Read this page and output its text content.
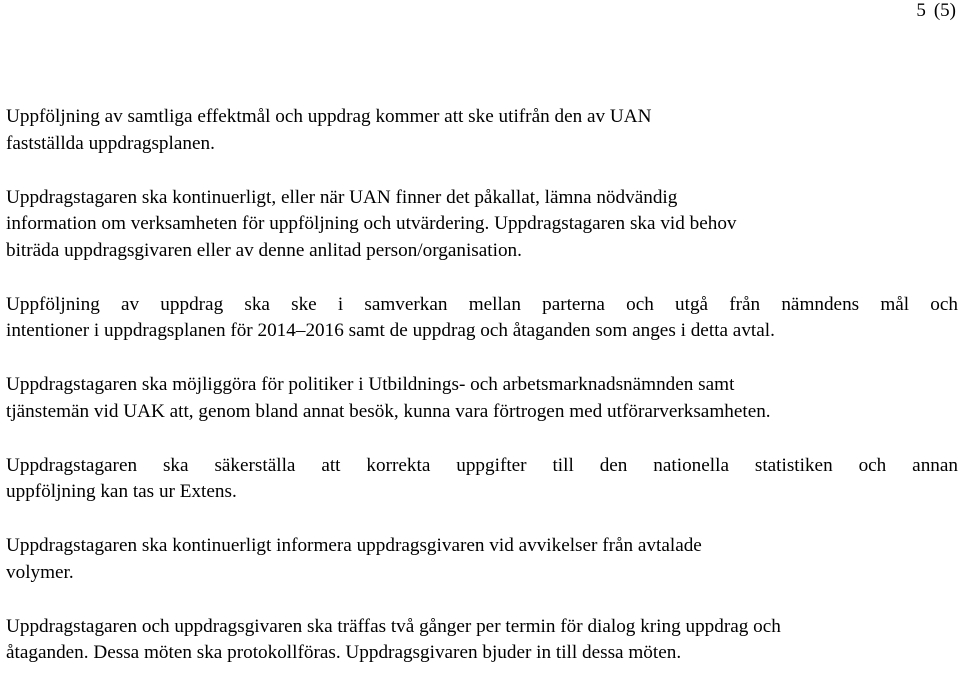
5 (5)

Uppföljning av samtliga effektmål och uppdrag kommer att ske utifrån den av UAN
fastställda uppdragsplanen.

Uppdragstagaren ska kontinuerligt, eller när UAN finner det påkallat, lämna nödvändig
information om verksamheten för uppföljning och utvärdering. Uppdragstagaren ska vid behov
biträda uppdragsgivaren eller av denne anlitad person/organisation.

Uppföljning av uppdrag ska ske i samverkan mellan parterna och utgå från nämndens mål och
intentioner i uppdragsplanen för 2014–2016 samt de uppdrag och åtaganden som anges i detta avtal.

Uppdragstagaren ska möjliggöra för politiker i Utbildnings- och arbetsmarknadsnämnden samt
tjänstemän vid UAK att, genom bland annat besök, kunna vara förtrogen med utförarverksamheten.

Uppdragstagaren ska säkerställa att korrekta uppgifter till den nationella statistiken och annan
uppföljning kan tas ur Extens.

Uppdragstagaren ska kontinuerligt informera uppdragsgivaren vid avvikelser från avtalade
volymer.

Uppdragstagaren och uppdragsgivaren ska träffas två gånger per termin för dialog kring uppdrag och
åtaganden. Dessa möten ska protokollföras. Uppdragsgivaren bjuder in till dessa möten.
